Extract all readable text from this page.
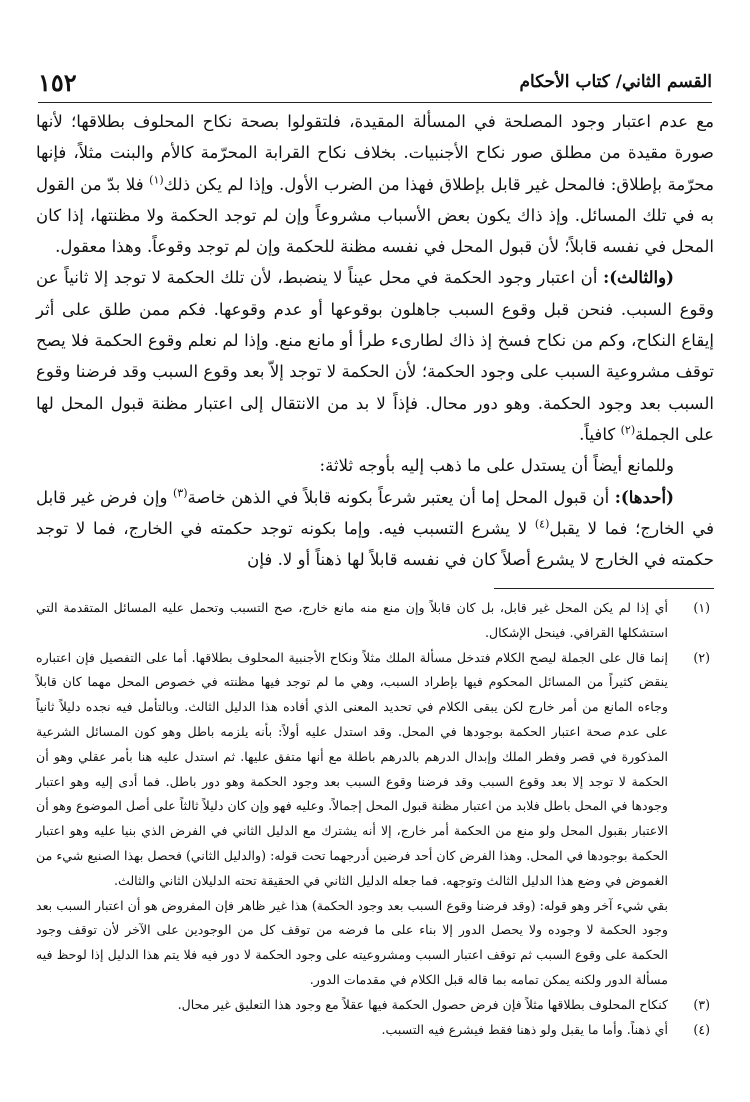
القسم الثاني/ كتاب الأحكام
١٥٢

مع عدم اعتبار وجود المصلحة في المسألة المقيدة، فلتقولوا بصحة نكاح المحلوف بطلاقها؛ لأنها صورة مقيدة من مطلق صور نكاح الأجنبيات. بخلاف نكاح القرابة المحرّمة كالأم والبنت مثلاً، فإنها محرّمة بإطلاق: فالمحل غير قابل بإطلاق فهذا من الضرب الأول. وإذا لم يكن ذلك$^{(١)}$ فلا بدّ من القول به في تلك المسائل. وإذ ذاك يكون بعض الأسباب مشروعاً وإن لم توجد الحكمة ولا مظنتها، إذا كان المحل في نفسه قابلاً؛ لأن قبول المحل في نفسه مظنة للحكمة وإن لم توجد وقوعاً. وهذا معقول.

(والثالث): أن اعتبار وجود الحكمة في محل عيناً لا ينضبط، لأن تلك الحكمة لا توجد إلا ثانياً عن وقوع السبب. فنحن قبل وقوع السبب جاهلون بوقوعها أو عدم وقوعها. فكم ممن طلق على أثر إيقاع النكاح، وكم من نكاح فسخ إذ ذاك لطارىء طرأ أو مانع منع. وإذا لم نعلم وقوع الحكمة فلا يصح توقف مشروعية السبب على وجود الحكمة؛ لأن الحكمة لا توجد إلاّ بعد وقوع السبب وقد فرضنا وقوع السبب بعد وجود الحكمة. وهو دور محال. فإذاً لا بد من الانتقال إلى اعتبار مظنة قبول المحل لها على الجملة$^{(٢)}$ كافياً.

وللمانع أيضاً أن يستدل على ما ذهب إليه بأوجه ثلاثة:

(أحدها): أن قبول المحل إما أن يعتبر شرعاً بكونه قابلاً في الذهن خاصة$^{(٣)}$ وإن فرض غير قابل في الخارج؛ فما لا يقبل$^{(٤)}$ لا يشرع التسبب فيه. وإما بكونه توجد حكمته في الخارج، فما لا توجد حكمته في الخارج لا يشرع أصلاً كان في نفسه قابلاً لها ذهناً أو لا. فإن

(١)

أي إذا لم يكن المحل غير قابل، بل كان قابلاً وإن منع منه مانع خارج، صح التسبب وتحمل عليه المسائل المتقدمة التي استشكلها القرافي. فينحل الإشكال.

(٢)

إنما قال على الجملة ليصح الكلام فتدخل مسألة الملك مثلاً ونكاح الأجنبية المحلوف بطلاقها. أما على التفصيل فإن اعتباره ينقض كثيراً من المسائل المحكوم فيها بإطراد السبب، وهي ما لم توجد فيها مظنته في خصوص المحل مهما كان قابلاً وجاءه المانع من أمر خارج لكن يبقى الكلام في تحديد المعنى الذي أفاده هذا الدليل الثالث. وبالتأمل فيه نجده دليلاً ثانياً على عدم صحة اعتبار الحكمة بوجودها في المحل. وقد استدل عليه أولاً: بأنه يلزمه باطل وهو كون المسائل الشرعية المذكورة في قصر وفطر الملك وإبدال الدرهم بالدرهم باطلة مع أنها متفق عليها. ثم استدل عليه هنا بأمر عقلي وهو أن الحكمة لا توجد إلا بعد وقوع السبب وقد فرضنا وقوع السبب بعد وجود الحكمة وهو دور باطل. فما أدى إليه وهو اعتبار وجودها في المحل باطل فلابد من اعتبار مظنة قبول المحل إجمالاً. وعليه فهو وإن كان دليلاً ثالثاً على أصل الموضوع وهو أن الاعتبار بقبول المحل ولو منع من الحكمة أمر خارج، إلا أنه يشترك مع الدليل الثاني في الفرض الذي بنيا عليه وهو اعتبار الحكمة بوجودها في المحل. وهذا الفرض كان أحد فرضين أدرجهما تحت قوله: (والدليل الثاني) فحصل بهذا الصنيع شيء من الغموض في وضع هذا الدليل الثالث وتوجهه. فما جعله الدليل الثاني في الحقيقة تحته الدليلان الثاني والثالث.

بقي شيء آخر وهو قوله: (وقد فرضنا وقوع السبب بعد وجود الحكمة) هذا غير ظاهر فإن المفروض هو أن اعتبار السبب بعد وجود الحكمة لا وجوده ولا يحصل الدور إلا بناء على ما فرضه من توقف كل من الوجودين على الآخر لأن توقف وجود الحكمة على وقوع السبب ثم توقف اعتبار السبب ومشروعيته على وجود الحكمة لا دور فيه فلا يتم هذا الدليل إذا لوحظ فيه مسألة الدور ولكنه يمكن تمامه بما قاله قبل الكلام في مقدمات الدور.

(٣)

كنكاح المحلوف بطلاقها مثلاً فإن فرض حصول الحكمة فيها عقلاً مع وجود هذا التعليق غير محال.

(٤)

أي ذهناً. وأما ما يقبل ولو ذهنا فقط فيشرع فيه التسبب.
